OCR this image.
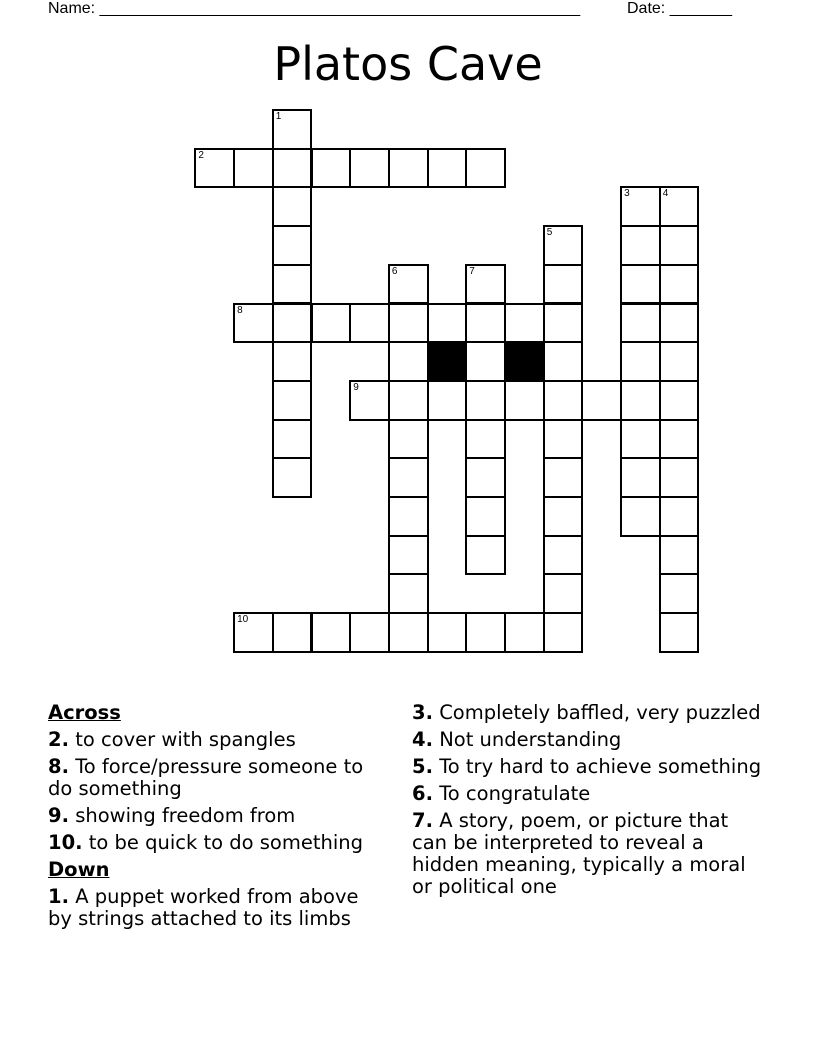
Name: ______________________________________________________	Date: _______
Platos Cave
1
2
3	4
5
6	7
8
9
10
Across
2. to cover with spangles
8. To force/pressure someone to do something
9. showing freedom from
10. to be quick to do something
Down
1. A puppet worked from above by strings attached to its limbs
3. Completely baffled, very puzzled
4. Not understanding
5. To try hard to achieve something
6. To congratulate
7. A story, poem, or picture that can be interpreted to reveal a hidden meaning, typically a moral or political one
